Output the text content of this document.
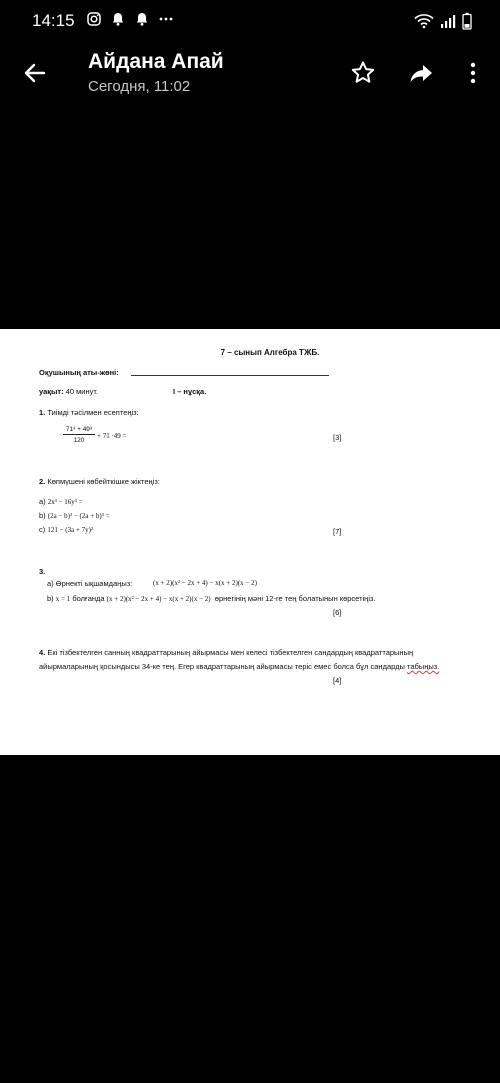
14:15
Айдана Апай
Сегодня, 11:02
7 – сынып Алгебра ТЖБ.
Оқушының аты-жөні:
уақыт: 40 минут.	І – нұсқа.
1. Тиімді тәсілмен есептеңіз:
$\frac{\text{71³ + 49³}}{120} + 71$ ⁦·49 =	[3]
2. Көпмүшені көбейткішке жіктеңіз:
a) 2x³ − 16y³ =
b) (2a − b)³ − (2a + b)³ =
c) 121 − (3a + 7y)²	[7]
3.
а) Өрнекті ықшамдаңыз:	(x + 2)(x² − 2x + 4) − x(x + 2)(x − 2)
b) x = 1 болғанда (x + 2)(x² − 2x + 4) − x(x + 2)(x − 2) өрнегінің мәні 12-ге тең болатынын көрсетіңіз.
[6]
4. Екі тізбектелген санның квадраттарының айырмасы мен келесі тізбектелген сандардың квадраттарының
айырмаларының қосындысы 34-ке тең. Егер квадраттарының айырмасы теріс емес болса бұл сандарды табыңыз.
[4]
